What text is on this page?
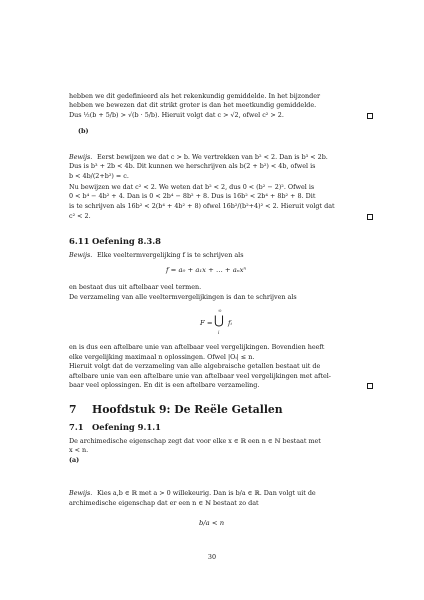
hebben we dit gedefinieerd als het rekenkundig gemiddelde. In het bijzonder
hebben we bewezen dat dit strikt groter is dan het meetkundig gemiddelde.
Dus ½(b + 5/b) > √(b · 5/b). Hieruit volgt dat c > √2, ofwel c² > 2.
(b)
Bewijs. Eerst bewijzen we dat c > b. We vertrekken van b² < 2. Dan is b³ < 2b.
Dus is b³ + 2b < 4b. Dit kunnen we herschrijven als b(2 + b²) < 4b, ofwel is
b < 4b/(2+b²) = c.
Nu bewijzen we dat c² < 2. We weten dat b² < 2, dus 0 < (b² − 2)². Ofwel is
0 < b⁴ − 4b² + 4. Dan is 0 < 2b⁴ − 8b² + 8. Dus is 16b² < 2b⁴ + 8b² + 8. Dit
is te schrijven als 16b² < 2(b⁴ + 4b² + 8) ofwel 16b²/(b²+4)² < 2. Hieruit volgt dat
c² < 2.
6.11 Oefening 8.3.8
Bewijs. Elke veeltermvergelijking f is te schrijven als
f = a₀ + a₁x + … + aₙxⁿ
en bestaat dus uit aftelbaar veel termen.
De verzameling van alle veeltermvergelijkingen is dan te schrijven als
F =
∞
⋃
i
fᵢ
en is dus een aftelbare unie van aftelbaar veel vergelijkingen. Bovendien heeft
elke vergelijking maximaal n oplossingen. Ofwel |Oᵢ| ≤ n.
Hieruit volgt dat de verzameling van alle algebraische getallen bestaat uit de
aftelbare unie van een aftelbare unie van aftelbaar veel vergelijkingen met aftel-
baar veel oplossingen. En dit is een aftelbare verzameling.
7 Hoofdstuk 9: De Reële Getallen
7.1 Oefening 9.1.1
De archimedische eigenschap zegt dat voor elke x ∈ ℝ een n ∈ ℕ bestaat met
x < n.
(a)
Bewijs. Kies a,b ∈ ℝ met a > 0 willekeurig. Dan is b/a ∈ ℝ. Dan volgt uit de
archimedische eigenschap dat er een n ∈ ℕ bestaat zo dat
b/a < n
30
